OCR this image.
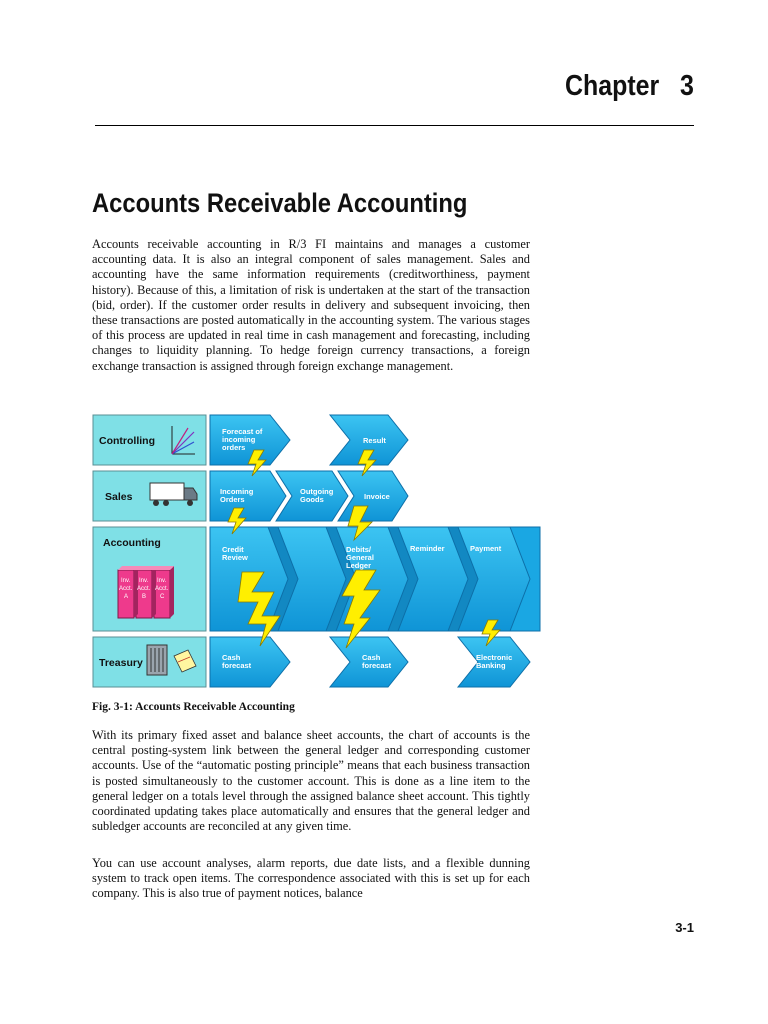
Chapter   3
Accounts Receivable Accounting

Accounts receivable accounting in R/3 FI maintains and manages a customer accounting data. It is also an integral component of sales management. Sales and accounting have the same information requirements (creditworthiness, payment history). Because of this, a limitation of risk is undertaken at the start of the transaction (bid, order). If the customer order results in delivery and subsequent invoicing, then these transactions are posted automatically in the accounting system. The various stages of this process are updated in real time in cash management and forecasting, including changes to liquidity planning. To hedge foreign currency transactions, a foreign exchange transaction is assigned through foreign exchange management.

Controlling
Sales
Accounting
Inv.
Acct.
A
Inv.
Acct.
B
Inv.
Acct.
C
Treasury
Forecast of
incoming
orders
Result
Incoming
Orders
Outgoing
Goods	Invoice
Credit
Review
Debits/
General
Ledger
Reminder	Payment
Cash
forecast
Cash
forecast
Electronic
Banking
Fig. 3-1: Accounts Receivable Accounting

With its primary fixed asset and balance sheet accounts, the chart of accounts is the central posting-system link between the general ledger and corresponding customer accounts. Use of the “automatic posting principle” means that each business transaction is posted simultaneously to the customer account. This is done as a line item to the general ledger on a totals level through the assigned balance sheet account. This tightly coordinated updating takes place automatically and ensures that the general ledger and subledger accounts are reconciled at any given time.

You can use account analyses, alarm reports, due date lists, and a flexible dunning system to track open items. The correspondence associated with this is set up for each company. This is also true of payment notices, balance

3-1
